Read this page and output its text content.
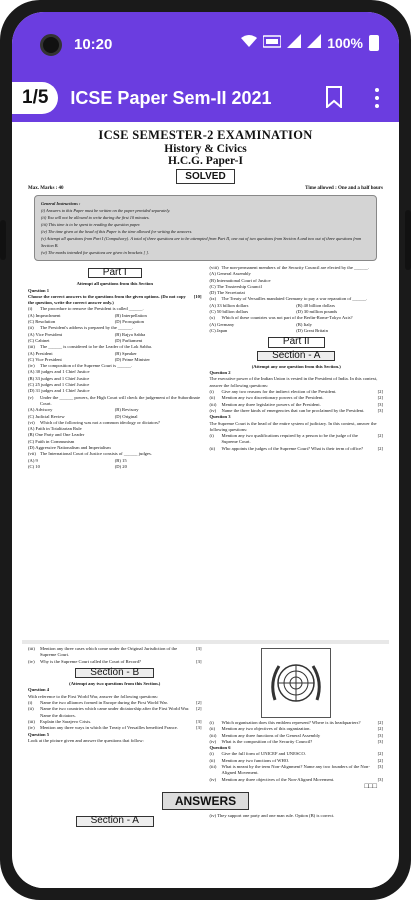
10:20	100%
1/5	ICSE Paper Sem-II 2021
ICSE SEMESTER-2 EXAMINATION
History & Civics
H.C.G. Paper-I
SOLVED
Max. Marks : 40	Time allowed : One and a half hours
General Instructions :
(i) Answers to this Paper must be written on the paper provided separately.
(ii) You will not be allowed to write during the first 10 minutes.
(iii) This time is to be spent in reading the question paper.
(iv) The time given at the head of this Paper is the time allowed for writing the answers.
(v) Attempt all questions from Part I (Compulsory). A total of three questions are to be attempted from Part II, one out of two questions from Section A and two out of three questions from Section B.
(vi) The marks intended for questions are given in brackets [ ].
Part I
Attempt all questions from this Section
Question 1
Choose the correct answers to the questions from the given options. (Do not copy the question, write the correct answer only.)
[10]
(i)	The procedure to remove the President is called ______.
(A) Impeachment	(B) Interpellation
(C) Resolution	(D) Prorogation
(ii)	The President's address is prepared by the ______.
(A) Vice President	(B) Rajya Sabha
(C) Cabinet	(D) Parliament
(iii)	The ______ is considered to be the Leader of the Lok Sabha.
(A) President	(B) Speaker
(C) Vice President	(D) Prime Minister
(iv)	The composition of the Supreme Court is ______.
(A) 30 judges and 1 Chief Justice
(B) 33 judges and 1 Chief Justice
(C) 25 judges and 1 Chief Justice
(D) 31 judges and 1 Chief Justice
(v)	Under the ______ powers, the High Court will check the judgement of the Subordinate Court.
(A) Advisory	(B) Revisory
(C) Judicial Review	(D) Original
(vi)	Which of the following was not a common ideology or dictators?
(A) Faith in Totalitarian Rule
(B) One Party and One Leader
(C) Faith in Communism
(D) Aggressive Nationalism and Imperialism
(vii) The International Court of Justice consists of ______ judges.
(A) 9	(B) 15
(C) 10	(D) 20
(viii) The non-permanent members of the Security Council are elected by the ______.
(A) General Assembly
(B) International Court of Justice
(C) The Trusteeship Council
(D) The Secretariat
(ix)	The Treaty of Versailles mandated Germany to pay a war reparation of ______.
(A) 33 billion dollars	(B) 40 billion dollars
(C) 50 billion dollars	(D) 30 million pounds
(x)	Which of these countries was not part of the Berlin-Rome-Tokyo Axis?
(A) Germany	(B) Italy
(C) Japan	(D) Great Britain
Part II
Section - A
(Attempt any one question from this Section.)
Question 2
The executive power of the Indian Union is vested in the President of India. In this context, answer the following questions:
(i)	Give any two reasons for the indirect election of the President.	[2]
(ii)	Mention any two discretionary powers of the President.	[2]
(iii)	Mention any three legislative powers of the President.	[3]
(iv)	Name the three kinds of emergencies that can be proclaimed by the President.	[3]
Question 3
The Supreme Court is the head of the entire system of judiciary. In this context, answer the following questions:
(i)	Mention any two qualifications required by a person to be the judge of the Supreme Court.
[2]
(ii)	Who appoints the judges of the Supreme Court? What is their term of office?	[2]
(iii)	Mention any three cases which come under the Original Jurisdiction of the Supreme Court.
[3]
(iv)	Why is the Supreme Court called the Court of Record?	[3]
Section - B
(Attempt any two questions from this Section.)
Question 4
With reference to the First World War, answer the following questions:
(i)	Name the two alliances formed in Europe during the First World War.	[2]
(ii)	Name the two countries which came under dictatorship after the First World War. Name the dictators.
[2]
(iii)	Explain the Sarajevo Crisis.	[3]
(iv)	Mention any three ways in which the Treaty of Versailles benefited France.	[3]
Question 5
Look at the picture given and answer the questions that follow:
(i)	Which organisation does this emblem represent? Where is its headquarters?	[2]
(ii)	Mention any two objectives of this organization.	[2]
(iii)	Mention any three functions of the General Assembly	[3]
(iv)	What is the composition of the Security Council?	[3]
Question 6
(i)	Give the full form of UNICEF and UNESCO.	[2]
(ii)	Mention any two functions of WHO.	[2]
(iii)	What is meant by the term Non-Alignment? Name any two founders of the Non-Aligned Movement.
[3]
(iv)	Mention any three objectives of the Non-Aligned Movement.	[3]
□□□
ANSWERS
Section - A	(iv) They support one party and one man rule. Option (B) is correct.
